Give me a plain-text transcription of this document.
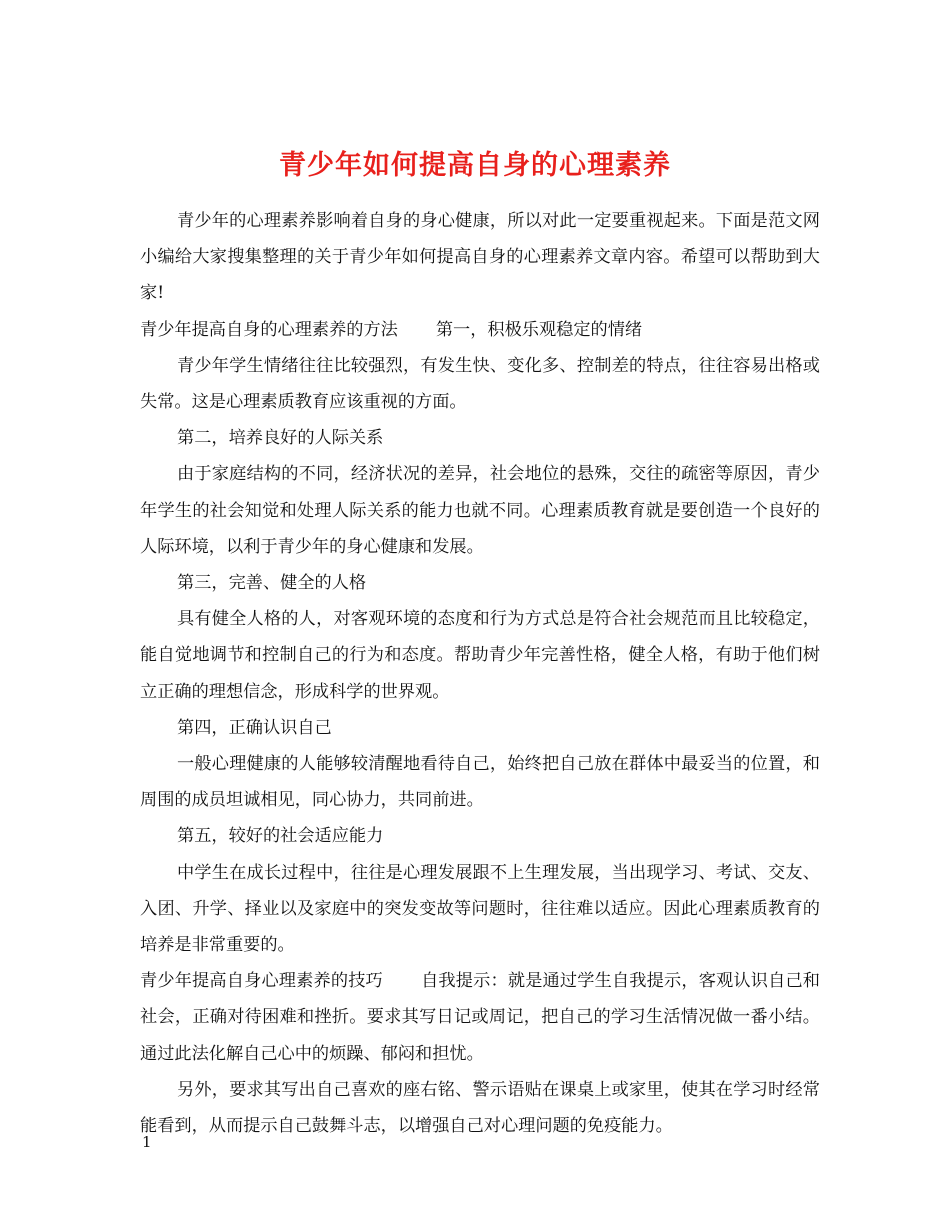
青少年如何提高自身的心理素养

青少年的心理素养影响着自身的身心健康，所以对此一定要重视起来。下面是范文网小编给大家搜集整理的关于青少年如何提高自身的心理素养文章内容。希望可以帮助到大家!

青少年提高自身的心理素养的方法 第一，积极乐观稳定的情绪

青少年学生情绪往往比较强烈，有发生快、变化多、控制差的特点，往往容易出格或失常。这是心理素质教育应该重视的方面。

第二，培养良好的人际关系

由于家庭结构的不同，经济状况的差异，社会地位的悬殊，交往的疏密等原因，青少年学生的社会知觉和处理人际关系的能力也就不同。心理素质教育就是要创造一个良好的人际环境，以利于青少年的身心健康和发展。

第三，完善、健全的人格

具有健全人格的人，对客观环境的态度和行为方式总是符合社会规范而且比较稳定，能自觉地调节和控制自己的行为和态度。帮助青少年完善性格，健全人格，有助于他们树立正确的理想信念，形成科学的世界观。

第四，正确认识自己

一般心理健康的人能够较清醒地看待自己，始终把自己放在群体中最妥当的位置，和周围的成员坦诚相见，同心协力，共同前进。

第五，较好的社会适应能力

中学生在成长过程中，往往是心理发展跟不上生理发展，当出现学习、考试、交友、入团、升学、择业以及家庭中的突发变故等问题时，往往难以适应。因此心理素质教育的培养是非常重要的。

青少年提高自身心理素养的技巧 自我提示：就是通过学生自我提示，客观认识自己和社会，正确对待困难和挫折。要求其写日记或周记，把自己的学习生活情况做一番小结。通过此法化解自己心中的烦躁、郁闷和担忧。

另外，要求其写出自己喜欢的座右铭、警示语贴在课桌上或家里，使其在学习时经常能看到，从而提示自己鼓舞斗志，以增强自己对心理问题的免疫能力。

1
